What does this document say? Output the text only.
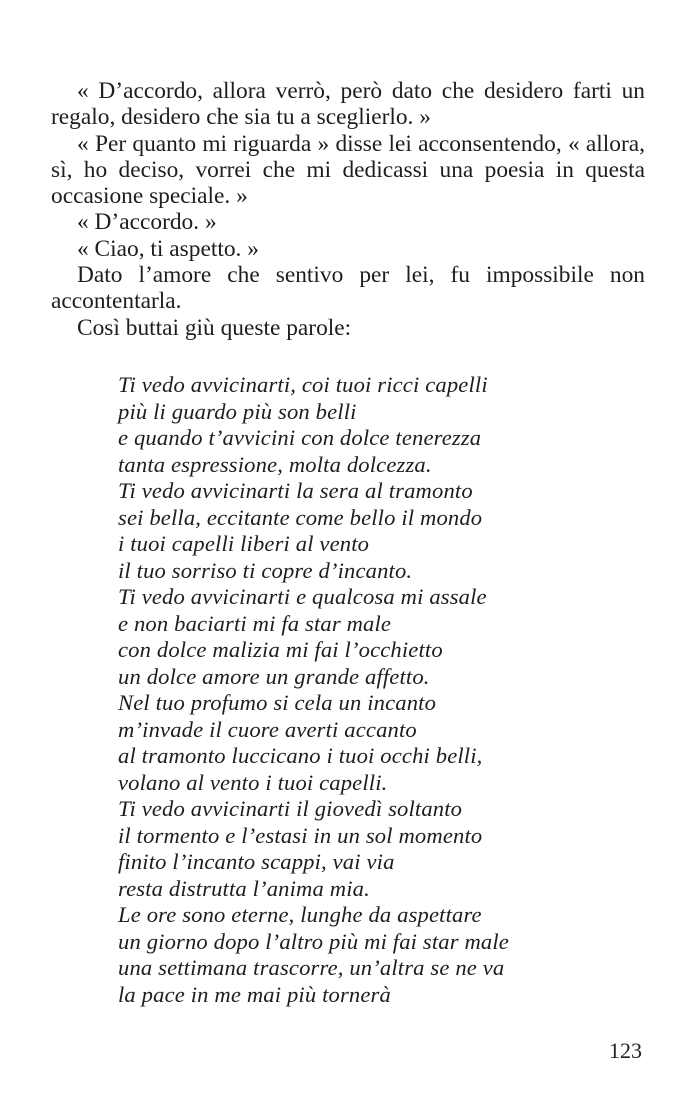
« D’accordo, allora verrò, però dato che desidero farti un regalo, desidero che sia tu a sceglierlo. »

« Per quanto mi riguarda » disse lei acconsentendo, « allora, sì, ho deciso, vorrei che mi dedicassi una poesia in questa occasione speciale. »

« D’accordo. »

« Ciao, ti aspetto. »

Dato l’amore che sentivo per lei, fu impossibile non accontentarla.

Così buttai giù queste parole:

Ti vedo avvicinarti, coi tuoi ricci capelli
più li guardo più son belli
e quando t’avvicini con dolce tenerezza
tanta espressione, molta dolcezza.
Ti vedo avvicinarti la sera al tramonto
sei bella, eccitante come bello il mondo
i tuoi capelli liberi al vento
il tuo sorriso ti copre d’incanto.
Ti vedo avvicinarti e qualcosa mi assale
e non baciarti mi fa star male
con dolce malizia mi fai l’occhietto
un dolce amore un grande affetto.
Nel tuo profumo si cela un incanto
m’invade il cuore averti accanto
al tramonto luccicano i tuoi occhi belli,
volano al vento i tuoi capelli.
Ti vedo avvicinarti il giovedì soltanto
il tormento e l’estasi in un sol momento
finito l’incanto scappi, vai via
resta distrutta l’anima mia.
Le ore sono eterne, lunghe da aspettare
un giorno dopo l’altro più mi fai star male
una settimana trascorre, un’altra se ne va
la pace in me mai più tornerà
123
